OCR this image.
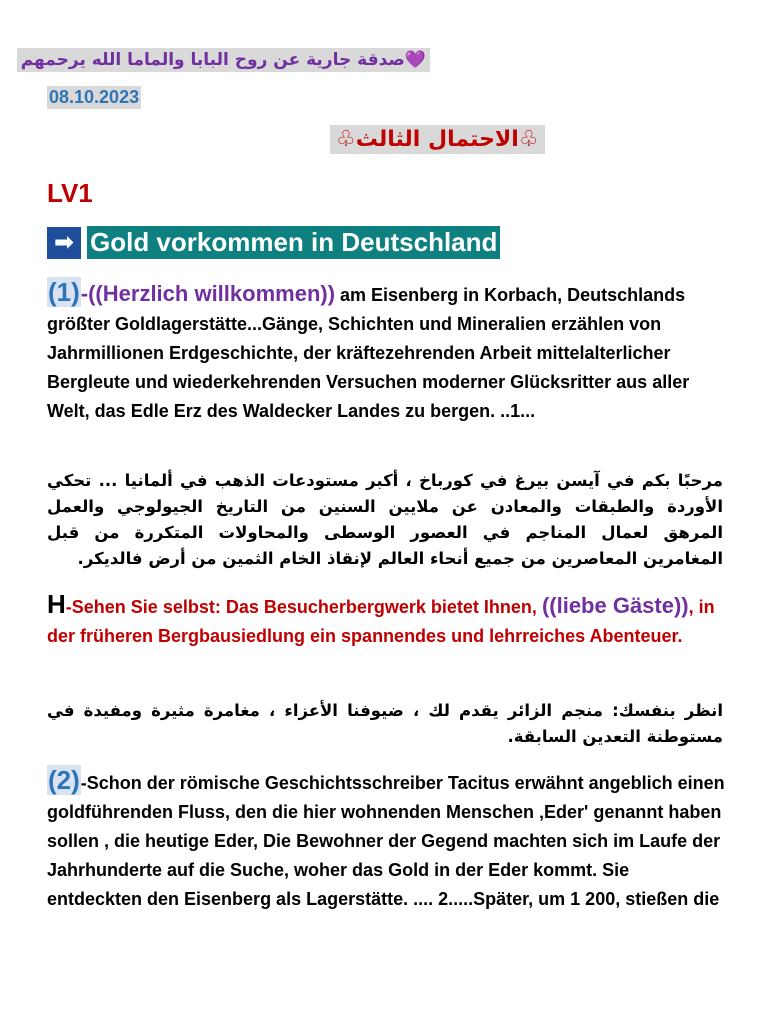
💜صدقة جارية عن روح البابا والماما الله يرحمهم
08.10.2023
♧الاحتمال الثالث♧
LV1
➡ Gold vorkommen in Deutschland
(1)-((Herzlich willkommen)) am Eisenberg in Korbach, Deutschlands größter Goldlagerstätte...Gänge, Schichten und Mineralien erzählen von Jahrmillionen Erdgeschichte, der kräftezehrenden Arbeit mittelalterlicher Bergleute und wiederkehrenden Versuchen moderner Glücksritter aus aller Welt, das Edle Erz des Waldecker Landes zu bergen. ..1...
مرحبًا بكم في آيسن بيرغ في كورباخ ، أكبر مستودعات الذهب في ألمانيا ... تحكي الأوردة والطبقات والمعادن عن ملايين السنين من التاريخ الجيولوجي والعمل المرهق لعمال المناجم في العصور الوسطى والمحاولات المتكررة من قبل المغامرين المعاصرين من جميع أنحاء العالم لإنقاذ الخام الثمين من أرض فالديكر.
H-Sehen Sie selbst: Das Besucherbergwerk bietet Ihnen, ((liebe Gäste)), in der früheren Bergbausiedlung ein spannendes und lehrreiches Abenteuer.
انظر بنفسك: منجم الزائر يقدم لك ، ضيوفنا الأعزاء ، مغامرة مثيرة ومفيدة في مستوطنة التعدين السابقة.
(2)-Schon der römische Geschichtsschreiber Tacitus erwähnt angeblich einen goldführenden Fluss, den die hier wohnenden Menschen ‚Eder' genannt haben sollen , die heutige Eder, Die Bewohner der Gegend machten sich im Laufe der Jahrhunderte auf die Suche, woher das Gold in der Eder kommt. Sie entdeckten den Eisenberg als Lagerstätte. .... 2.....Später, um 1 200, stießen die
